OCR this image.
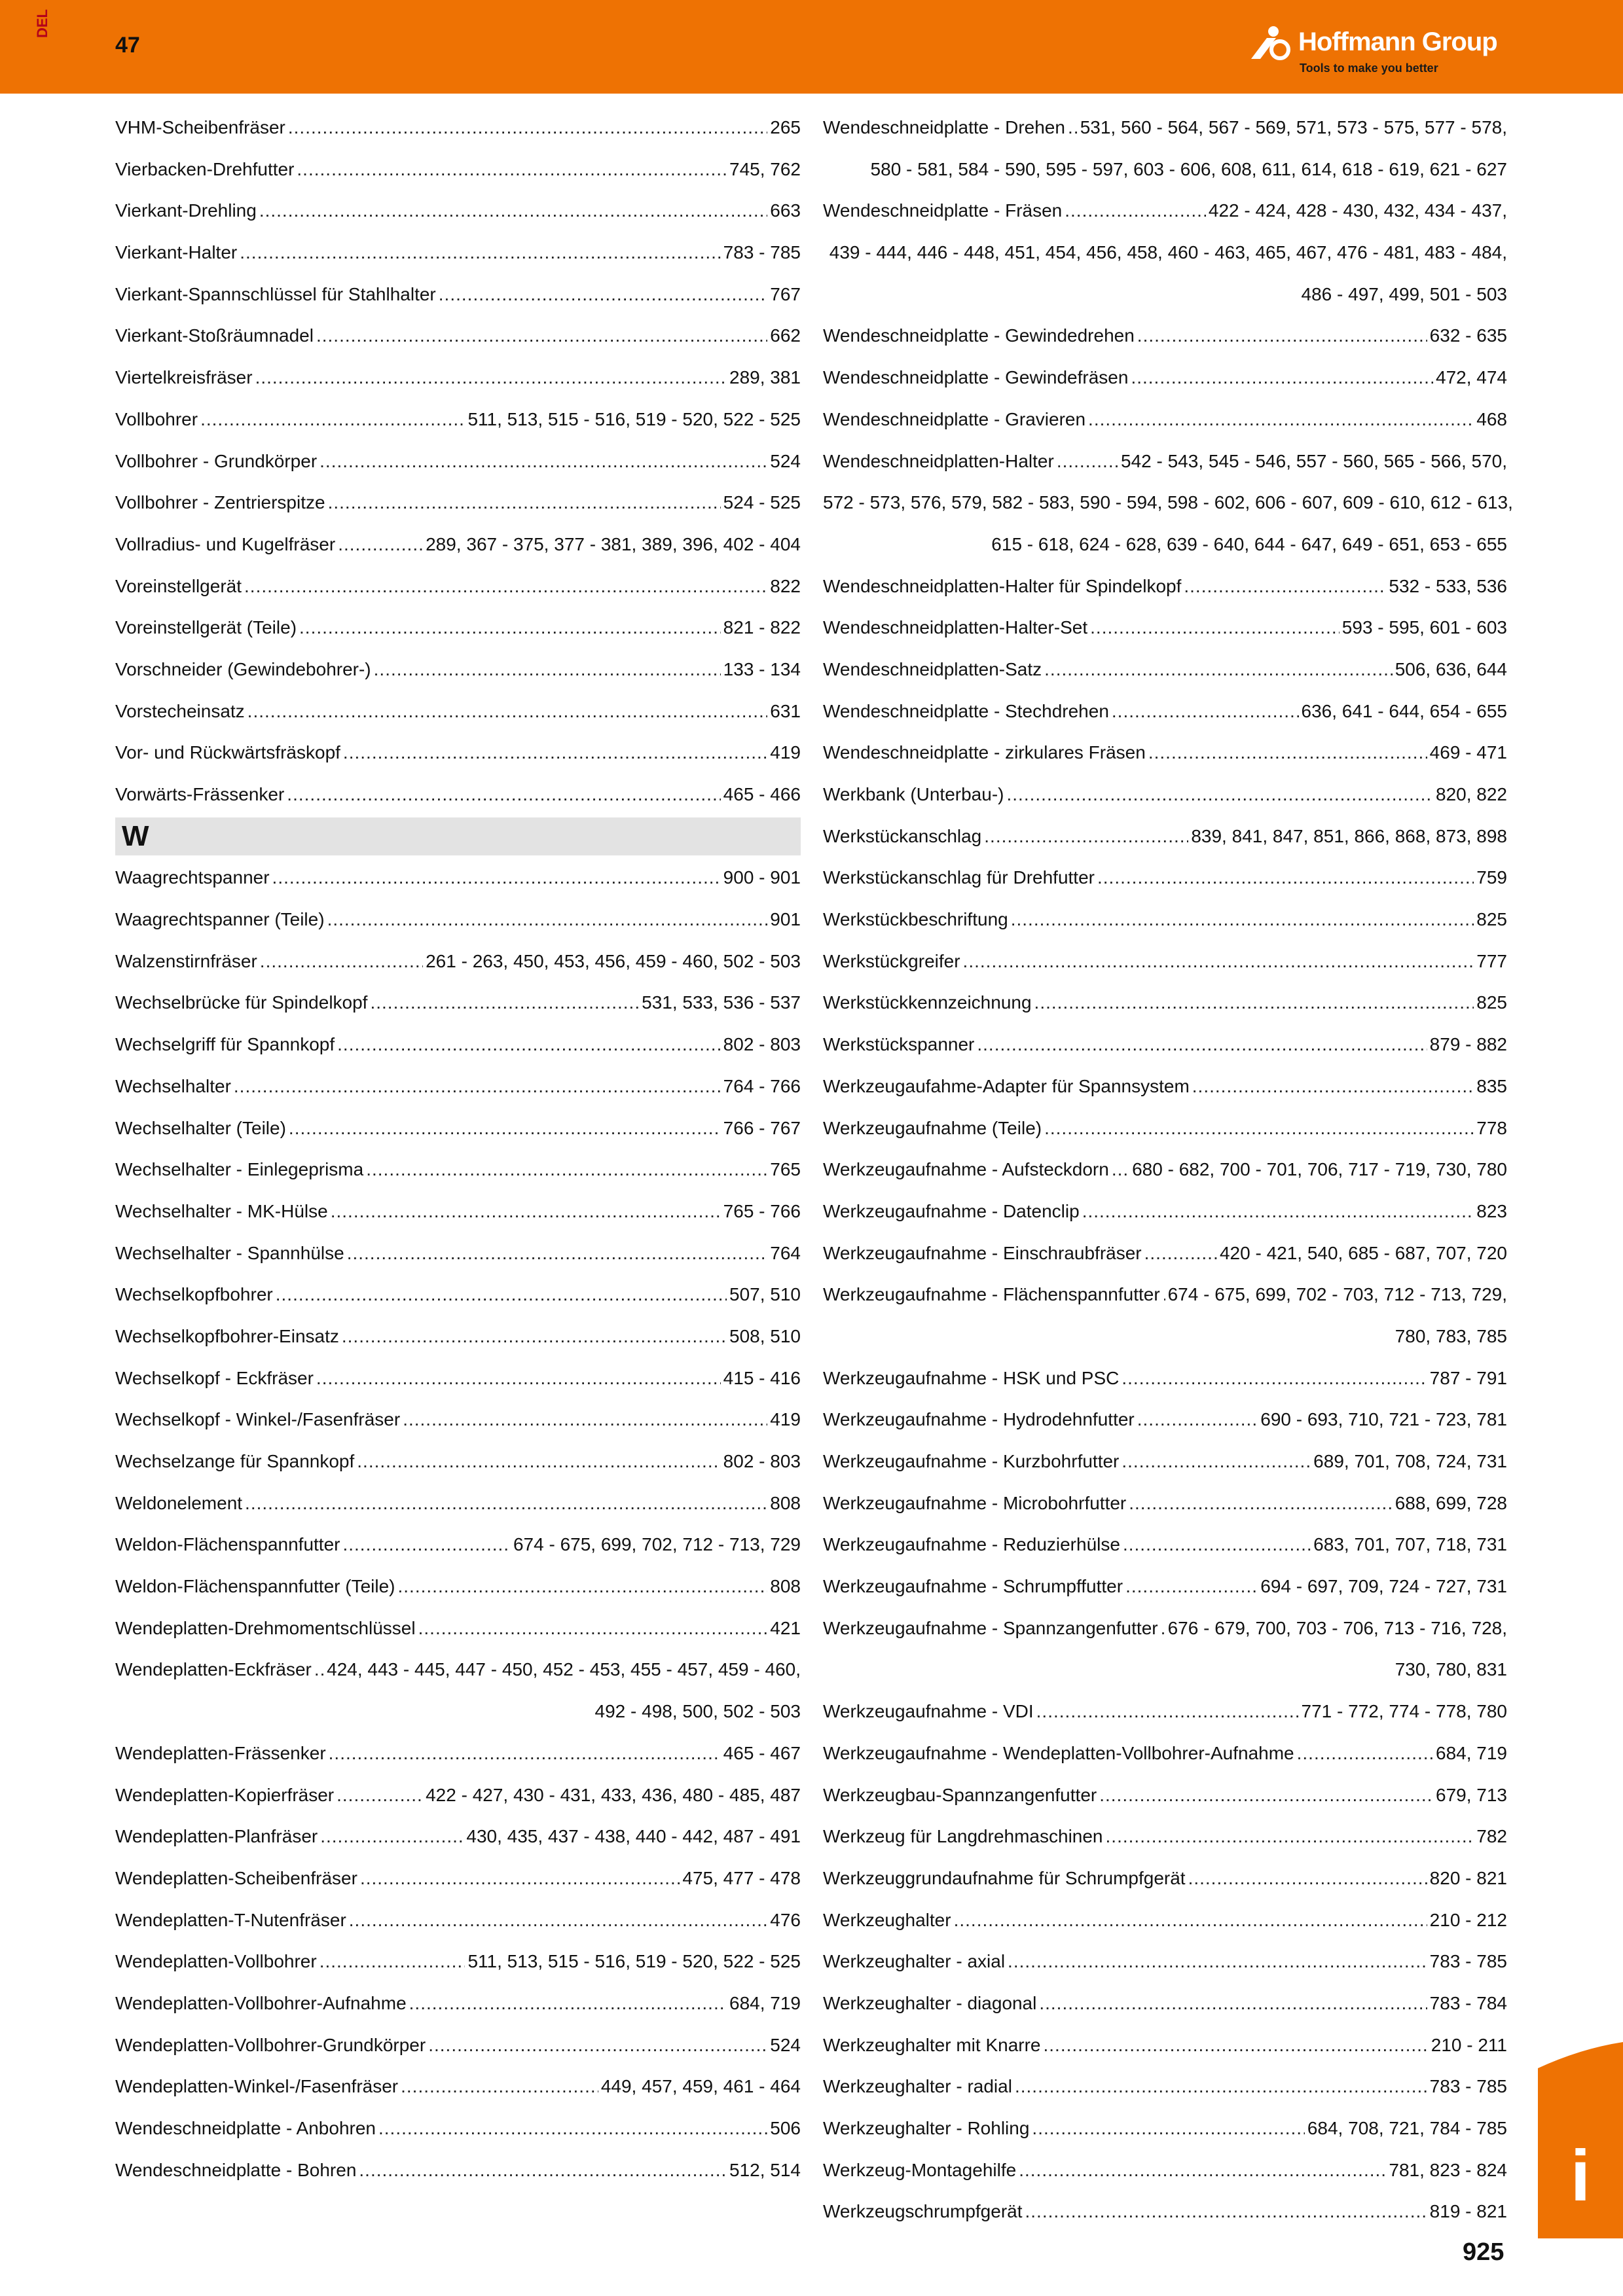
DEL
47	Hoffmann Group
Tools to make you better
VHM-Scheibenfräser .....	265
Vierbacken-Drehfutter .....	745, 762
Vierkant-Drehling .....	663
Vierkant-Halter .....	783 - 785
Vierkant-Spannschlüssel für Stahlhalter .....	767
Vierkant-Stoßräumnadel .....	662
Viertelkreisfräser .....	289, 381
Vollbohrer .....	511, 513, 515 - 516, 519 - 520, 522 - 525
Vollbohrer - Grundkörper .....	524
Vollbohrer - Zentrierspitze .....	524 - 525
Vollradius- und Kugelfräser .....	289, 367 - 375, 377 - 381, 389, 396, 402 - 404
Voreinstellgerät .....	822
Voreinstellgerät (Teile) .....	821 - 822
Vorschneider (Gewindebohrer-) .....	133 - 134
Vorstecheinsatz .....	631
Vor- und Rückwärtsfräskopf .....	419
Vorwärts-Frässenker .....	465 - 466
W
Waagrechtspanner .....	900 - 901
Waagrechtspanner (Teile) .....	901
Walzenstirnfräser .....	261 - 263, 450, 453, 456, 459 - 460, 502 - 503
Wechselbrücke für Spindelkopf .....	531, 533, 536 - 537
Wechselgriff für Spannkopf .....	802 - 803
Wechselhalter .....	764 - 766
Wechselhalter (Teile) .....	766 - 767
Wechselhalter - Einlegeprisma .....	765
Wechselhalter - MK-Hülse .....	765 - 766
Wechselhalter - Spannhülse .....	764
Wechselkopfbohrer .....	507, 510
Wechselkopfbohrer-Einsatz .....	508, 510
Wechselkopf - Eckfräser .....	415 - 416
Wechselkopf - Winkel-/Fasenfräser .....	419
Wechselzange für Spannkopf .....	802 - 803
Weldonelement .....	808
Weldon-Flächenspannfutter .....	674 - 675, 699, 702, 712 - 713, 729
Weldon-Flächenspannfutter (Teile) .....	808
Wendeplatten-Drehmomentschlüssel .....	421
Wendeplatten-Eckfräser ..... 424, 443 - 445, 447 - 450, 452 - 453, 455 - 457, 459 - 460,
492 - 498, 500, 502 - 503
Wendeplatten-Frässenker .....	465 - 467
Wendeplatten-Kopierfräser .....	422 - 427, 430 - 431, 433, 436, 480 - 485, 487
Wendeplatten-Planfräser .....	430, 435, 437 - 438, 440 - 442, 487 - 491
Wendeplatten-Scheibenfräser .....	475, 477 - 478
Wendeplatten-T-Nutenfräser .....	476
Wendeplatten-Vollbohrer .....	511, 513, 515 - 516, 519 - 520, 522 - 525
Wendeplatten-Vollbohrer-Aufnahme .....	684, 719
Wendeplatten-Vollbohrer-Grundkörper .....	524
Wendeplatten-Winkel-/Fasenfräser .....	449, 457, 459, 461 - 464
Wendeschneidplatte - Anbohren .....	506
Wendeschneidplatte - Bohren .....	512, 514
Wendeschneidplatte - Drehen ..... 531, 560 - 564, 567 - 569, 571, 573 - 575, 577 - 578,
580 - 581, 584 - 590, 595 - 597, 603 - 606, 608, 611, 614, 618 - 619, 621 - 627
Wendeschneidplatte - Fräsen .....	422 - 424, 428 - 430, 432, 434 - 437,
439 - 444, 446 - 448, 451, 454, 456, 458, 460 - 463, 465, 467, 476 - 481, 483 - 484,
486 - 497, 499, 501 - 503
Wendeschneidplatte - Gewindedrehen .....	632 - 635
Wendeschneidplatte - Gewindefräsen .....	472, 474
Wendeschneidplatte - Gravieren .....	468
Wendeschneidplatten-Halter .....	542 - 543, 545 - 546, 557 - 560, 565 - 566, 570,
572 - 573, 576, 579, 582 - 583, 590 - 594, 598 - 602, 606 - 607, 609 - 610, 612 - 613,
615 - 618, 624 - 628, 639 - 640, 644 - 647, 649 - 651, 653 - 655
Wendeschneidplatten-Halter für Spindelkopf .....	532 - 533, 536
Wendeschneidplatten-Halter-Set .....	593 - 595, 601 - 603
Wendeschneidplatten-Satz .....	506, 636, 644
Wendeschneidplatte - Stechdrehen .....	636, 641 - 644, 654 - 655
Wendeschneidplatte - zirkulares Fräsen .....	469 - 471
Werkbank (Unterbau-) .....	820, 822
Werkstückanschlag .....	839, 841, 847, 851, 866, 868, 873, 898
Werkstückanschlag für Drehfutter .....	759
Werkstückbeschriftung .....	825
Werkstückgreifer .....	777
Werkstückkennzeichnung .....	825
Werkstückspanner .....	879 - 882
Werkzeugaufahme-Adapter für Spannsystem .....	835
Werkzeugaufnahme (Teile) .....	778
Werkzeugaufnahme - Aufsteckdorn ..... 680 - 682, 700 - 701, 706, 717 - 719, 730, 780
Werkzeugaufnahme - Datenclip .....	823
Werkzeugaufnahme - Einschraubfräser .....	420 - 421, 540, 685 - 687, 707, 720
Werkzeugaufnahme - Flächenspannfutter ..... 674 - 675, 699, 702 - 703, 712 - 713, 729,
780, 783, 785
Werkzeugaufnahme - HSK und PSC .....	787 - 791
Werkzeugaufnahme - Hydrodehnfutter .....	690 - 693, 710, 721 - 723, 781
Werkzeugaufnahme - Kurzbohrfutter .....	689, 701, 708, 724, 731
Werkzeugaufnahme - Microbohrfutter .....	688, 699, 728
Werkzeugaufnahme - Reduzierhülse .....	683, 701, 707, 718, 731
Werkzeugaufnahme - Schrumpffutter .....	694 - 697, 709, 724 - 727, 731
Werkzeugaufnahme - Spannzangenfutter ..... 676 - 679, 700, 703 - 706, 713 - 716, 728,
730, 780, 831
Werkzeugaufnahme - VDI .....	771 - 772, 774 - 778, 780
Werkzeugaufnahme - Wendeplatten-Vollbohrer-Aufnahme .....	684, 719
Werkzeugbau-Spannzangenfutter .....	679, 713
Werkzeug für Langdrehmaschinen .....	782
Werkzeuggrundaufnahme für Schrumpfgerät .....	820 - 821
Werkzeughalter .....	210 - 212
Werkzeughalter - axial .....	783 - 785
Werkzeughalter - diagonal .....	783 - 784
Werkzeughalter mit Knarre .....	210 - 211
Werkzeughalter - radial .....	783 - 785
Werkzeughalter - Rohling .....	684, 708, 721, 784 - 785
Werkzeug-Montagehilfe .....	781, 823 - 824
Werkzeugschrumpfgerät .....	819 - 821 i
925
